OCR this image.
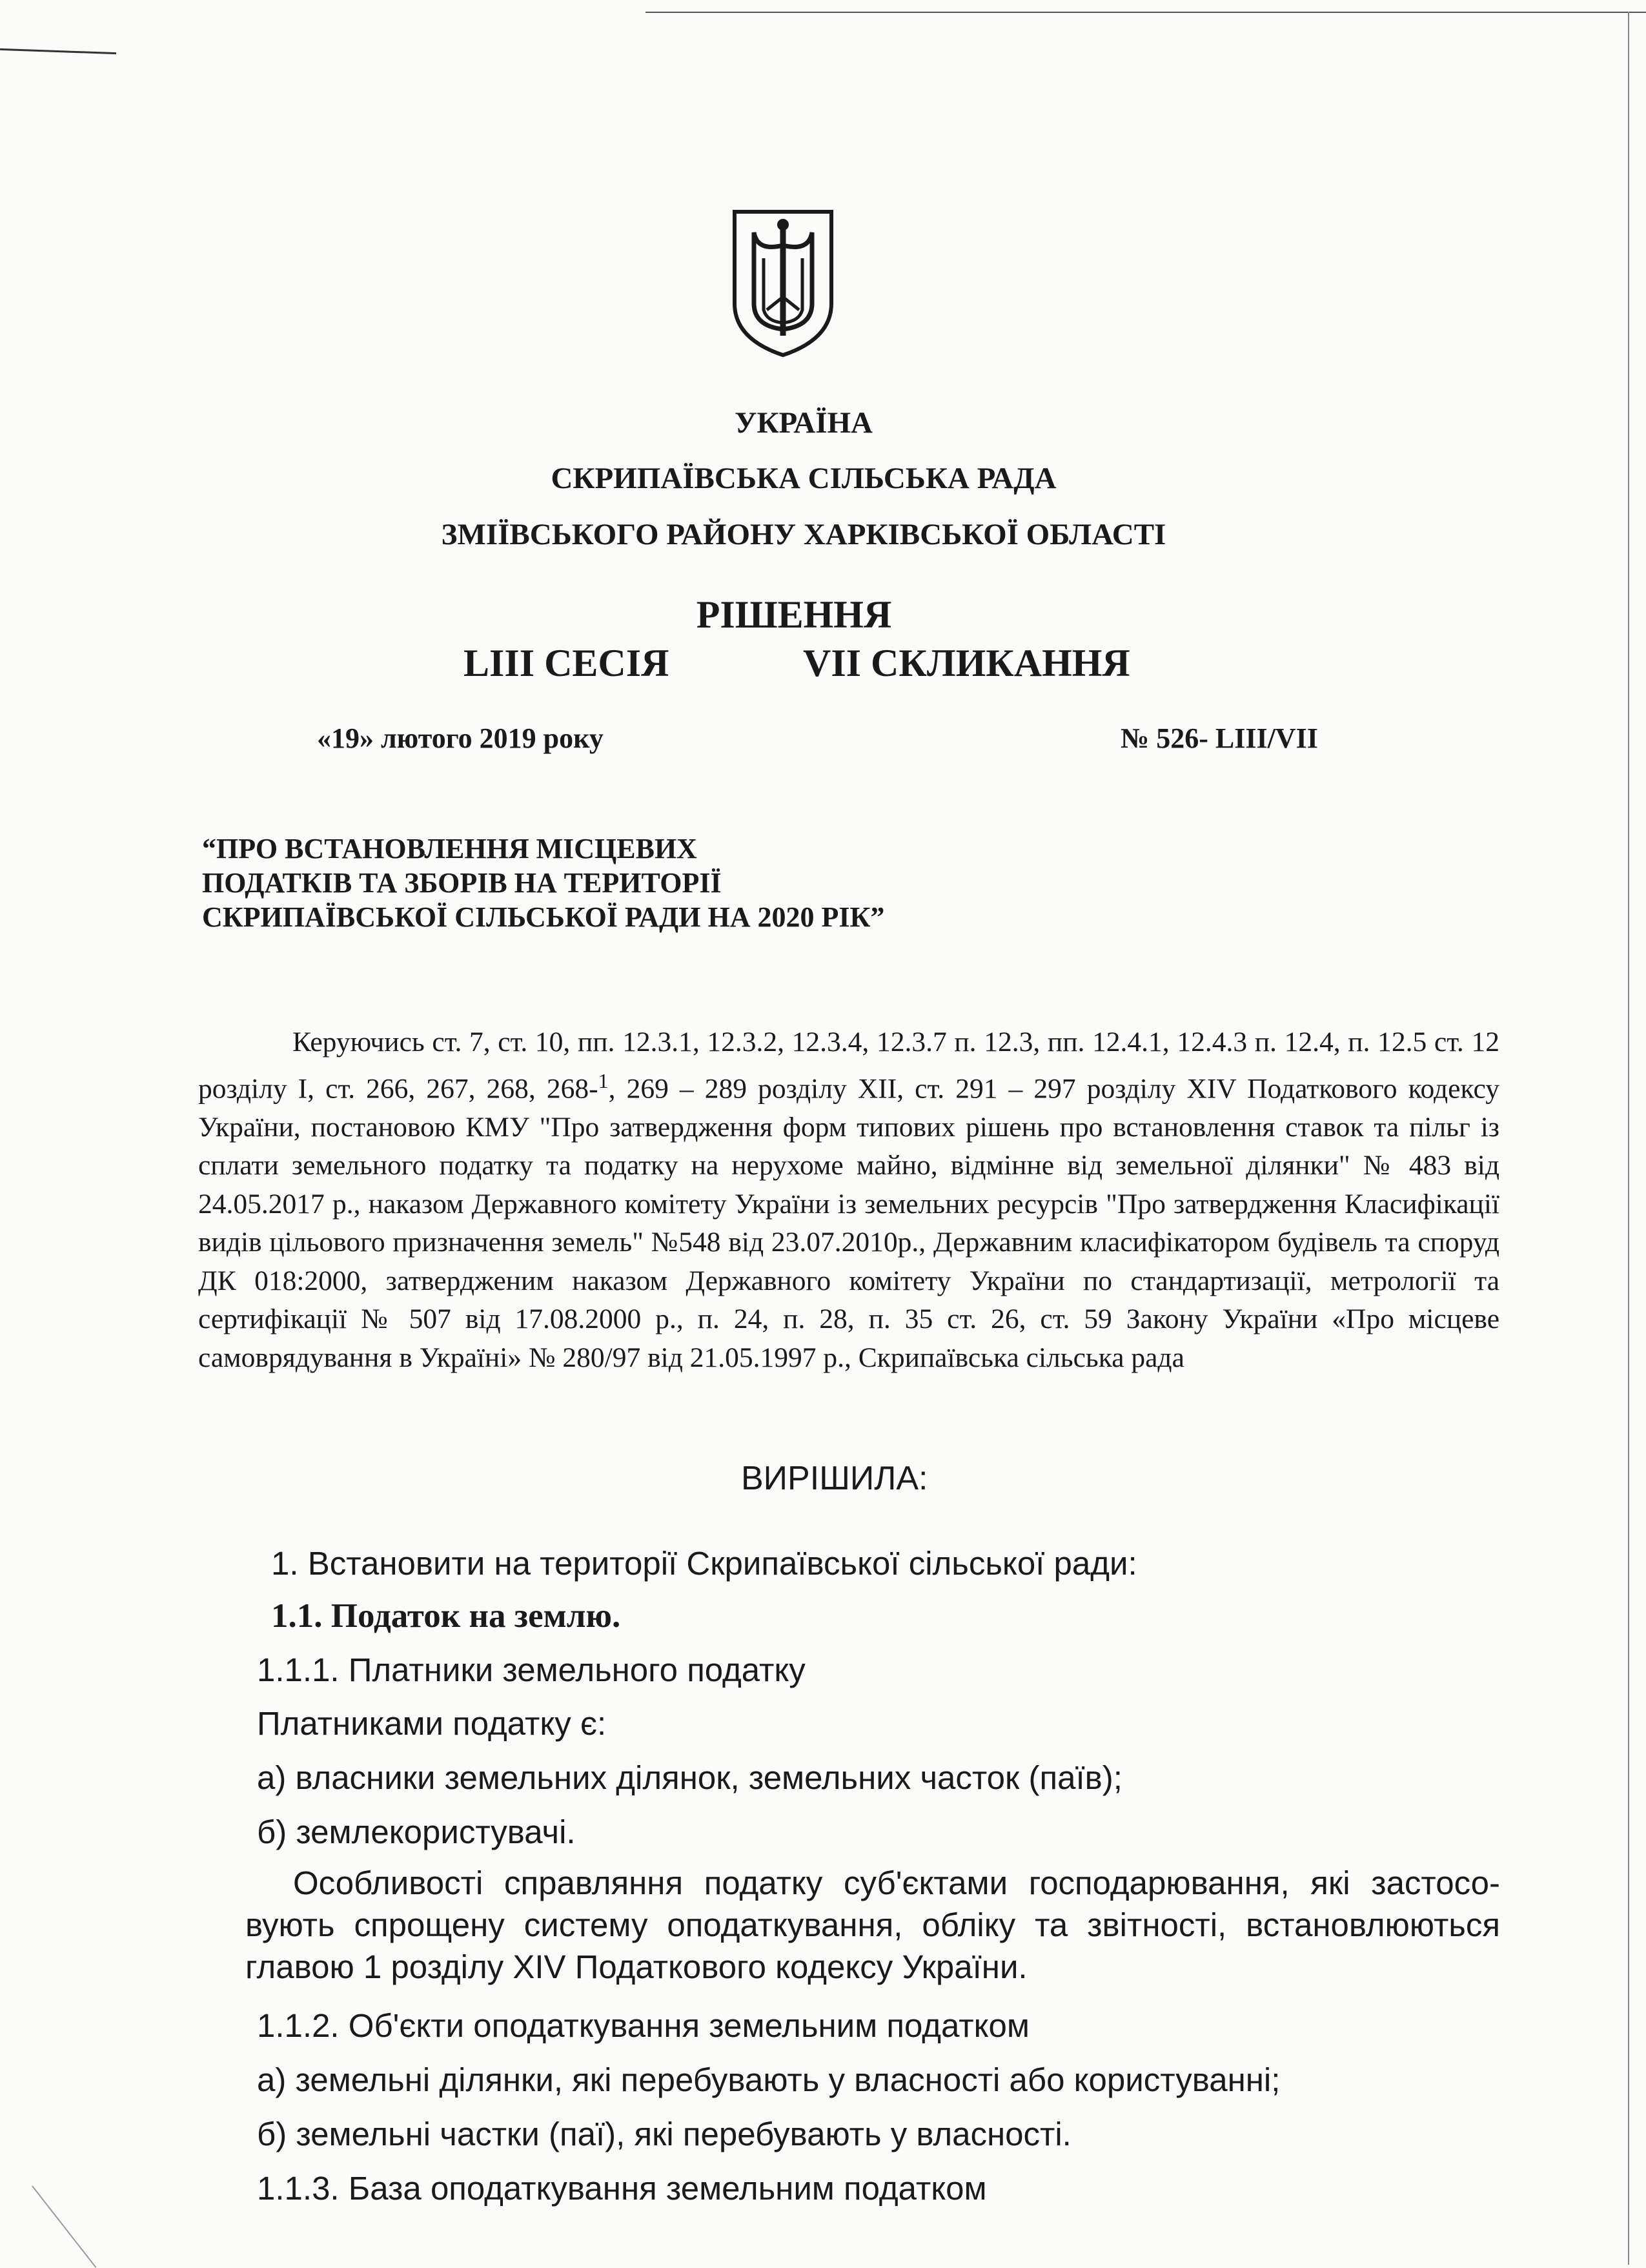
УКРАЇНА
СКРИПАЇВСЬКА СІЛЬСЬКА РАДА
ЗМІЇВСЬКОГО РАЙОНУ ХАРКІВСЬКОЇ ОБЛАСТІ
РІШЕННЯ
LIII СЕСІЯ	VII СКЛИКАННЯ
«19» лютого 2019 року	№ 526- LIII/VII
“ПРО ВСТАНОВЛЕННЯ МІСЦЕВИХ
ПОДАТКІВ ТА ЗБОРІВ НА ТЕРИТОРІЇ
СКРИПАЇВСЬКОЇ СІЛЬСЬКОЇ РАДИ НА 2020 РІК”

Керуючись ст. 7, ст. 10, пп. 12.3.1, 12.3.2, 12.3.4, 12.3.7 п. 12.3, пп. 12.4.1, 12.4.3 п. 12.4, п. 12.5 ст. 12 розділу I, ст. 266, 267, 268, 268-$^1$, 269 – 289 розділу XII, ст. 291 – 297 розділу XIV Податкового кодексу України, постановою КМУ "Про затвердження форм типових рішень про встановлення ставок та пільг із сплати земельного податку та податку на нерухоме майно, відмінне від земельної ділянки" № 483 від 24.05.2017 р., наказом Державного комітету України із земельних ресурсів "Про затвердження Класифікації видів цільового призначення земель" №548 від 23.07.2010р., Державним класифікатором будівель та споруд ДК 018:2000, затвердженим наказом Державного комітету України по стандартизації, метрології та сертифікації № 507 від 17.08.2000 р., п. 24, п. 28, п. 35 ст. 26, ст. 59 Закону України «Про місцеве самоврядування в Україні» № 280/97 від 21.05.1997 р., Скрипаївська сільська рада

ВИРІШИЛА:
1. Встановити на території Скрипаївської сільської ради:
1.1. Податок на землю.
1.1.1. Платники земельного податку
Платниками податку є:
а) власники земельних ділянок, земельних часток (паїв);
б) землекористувачі.

Особливості справляння податку суб'єктами господарювання, які застосо-вують спрощену систему оподаткування, обліку та звітності, встановлюються главою 1 розділу XIV Податкового кодексу України.

1.1.2. Об'єкти оподаткування земельним податком
а) земельні ділянки, які перебувають у власності або користуванні;
б) земельні частки (паї), які перебувають у власності.
1.1.3. База оподаткування земельним податком
